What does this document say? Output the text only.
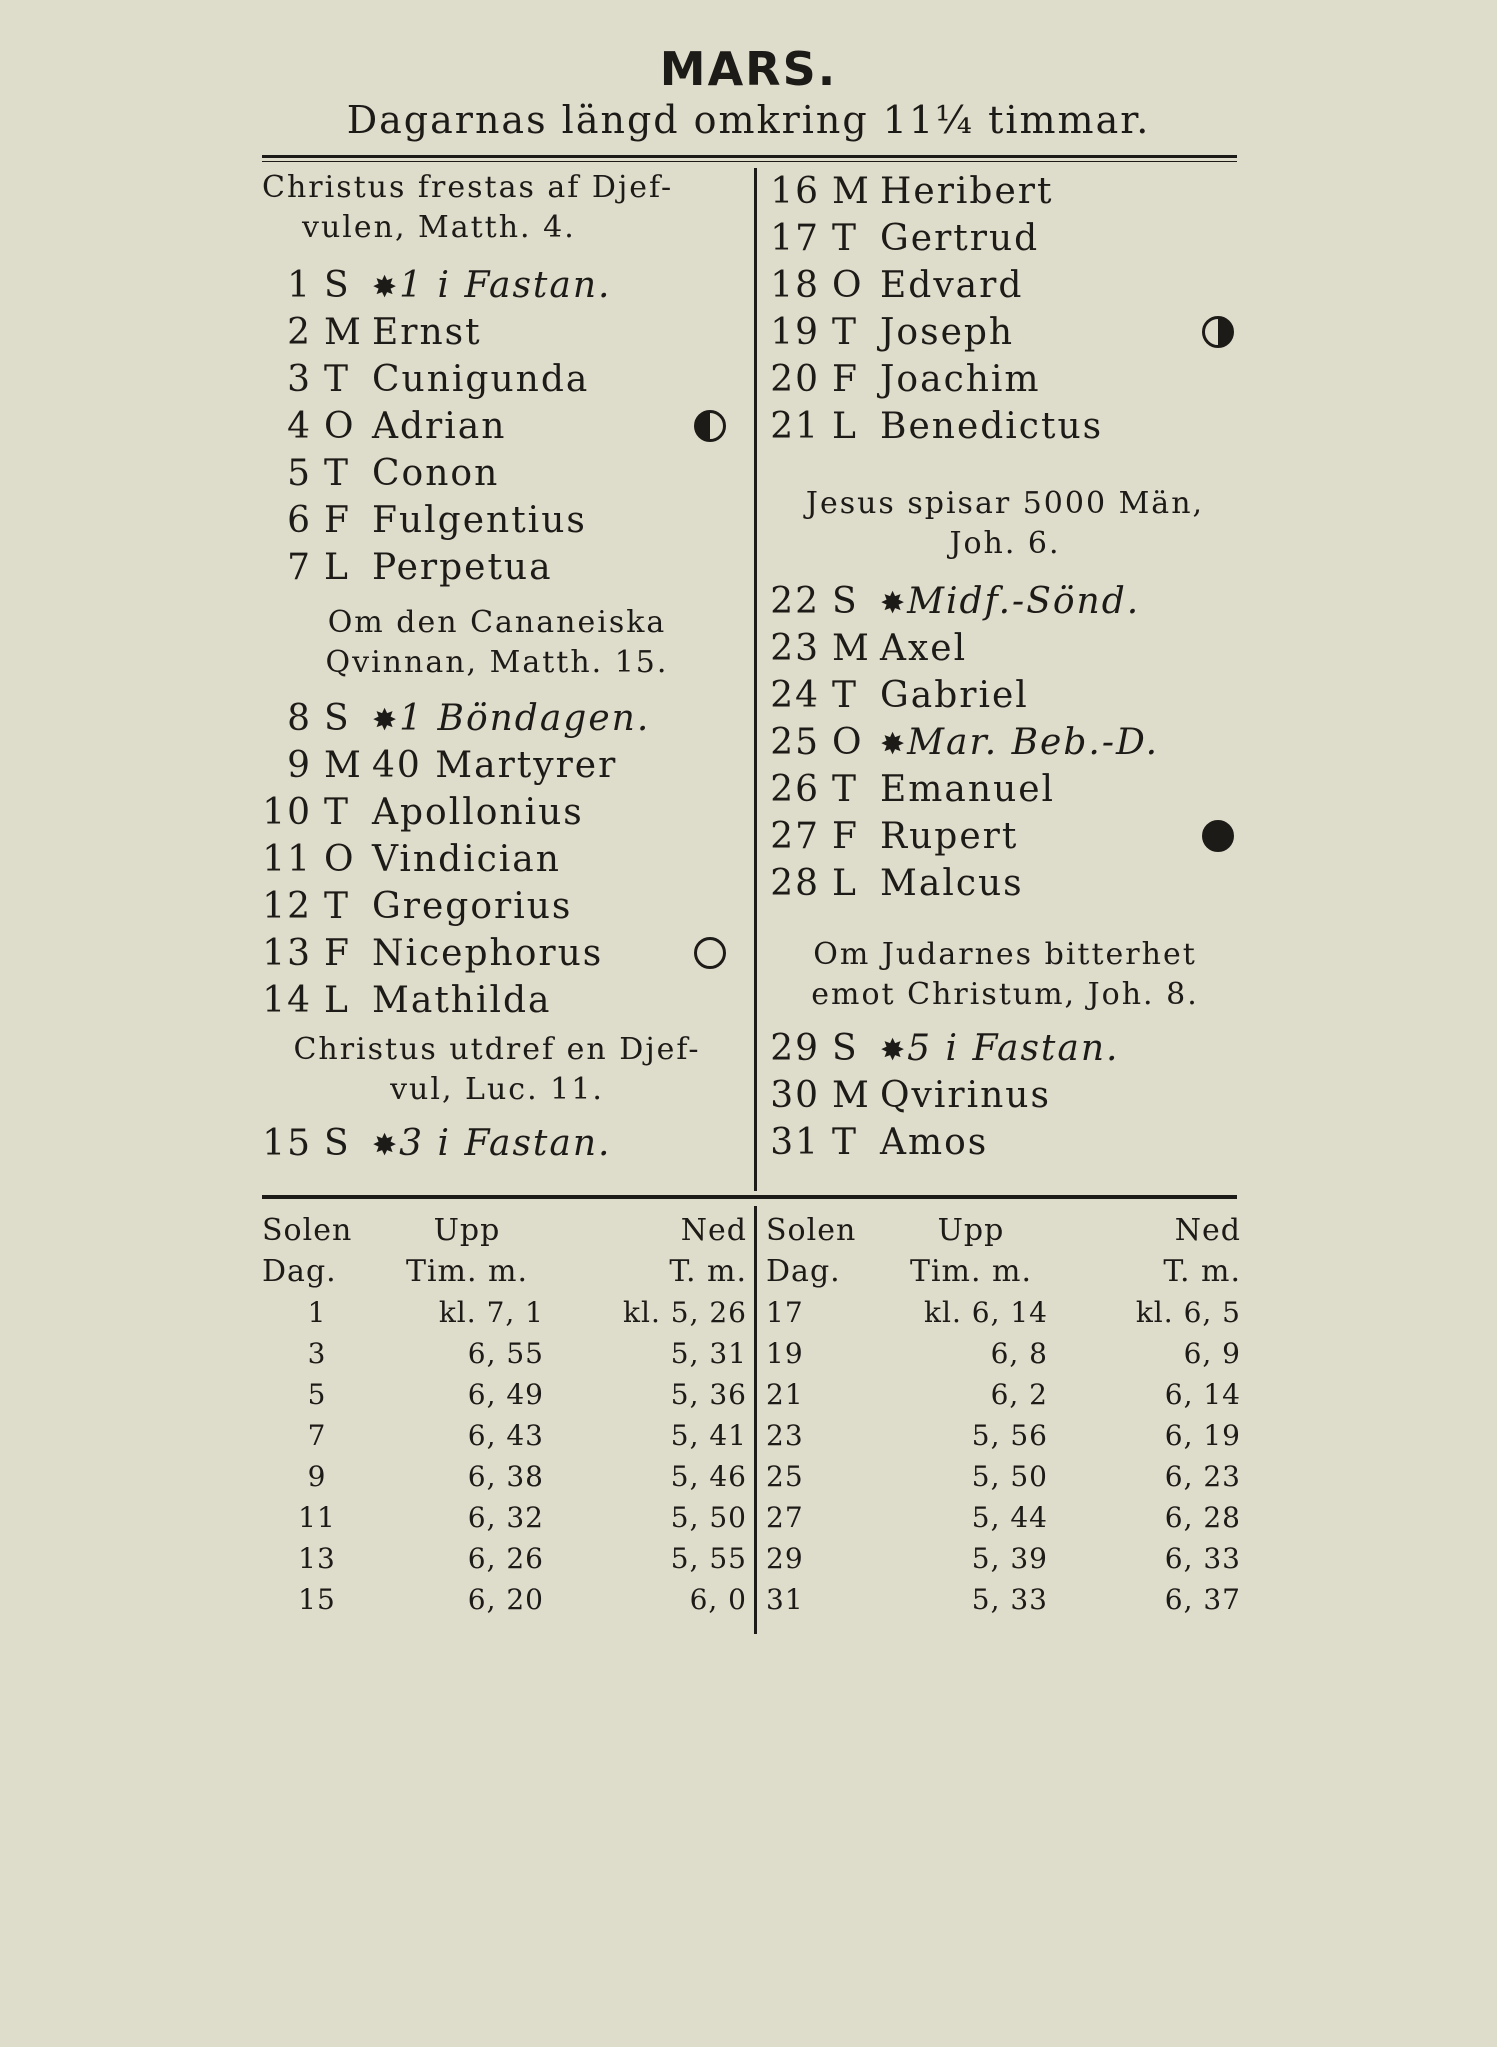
MARS.
Dagarnas längd omkring 11¼ timmar.
Christus frestas af Djef-
vulen, Matth. 4.
1 S ✸1 i Fastan.
2 M Ernst
3 T Cunigunda
4 O Adrian
5 T Conon
6 F Fulgentius
7 L Perpetua
Om den Cananeiska
Qvinnan, Matth. 15.
8 S ✸1 Böndagen.
9 M 40 Martyrer
10 T Apollonius
11 O Vindician
12 T Gregorius
13 F Nicephorus
14 L Mathilda
Christus utdref en Djef-
vul, Luc. 11.
15 S ✸3 i Fastan.
16 M Heribert
17 T Gertrud
18 O Edvard
19 T Joseph
20 F Joachim
21 L Benedictus
Jesus spisar 5000 Män,
Joh. 6.
22 S ✸Midf.-Sönd.
23 M Axel
24 T Gabriel
25 O ✸Mar. Beb.-D.
26 T Emanuel
27 F Rupert
28 L Malcus
Om Judarnes bitterhet
emot Christum, Joh. 8.
29 S ✸5 i Fastan.
30 M Qvirinus
31 T Amos
Solen	Upp	Ned
Dag.	Tim. m.	T. m.
1	kl. 7, 1	kl. 5, 26
3	6, 55	5, 31
5	6, 49	5, 36
7	6, 43	5, 41
9	6, 38	5, 46
11	6, 32	5, 50
13	6, 26	5, 55
15	6, 20	6, 0
Solen	Upp	Ned
Dag.	Tim. m.	T. m.
17	kl. 6, 14	kl. 6, 5
19	6, 8	6, 9
21	6, 2	6, 14
23	5, 56	6, 19
25	5, 50	6, 23
27	5, 44	6, 28
29	5, 39	6, 33
31	5, 33	6, 37
